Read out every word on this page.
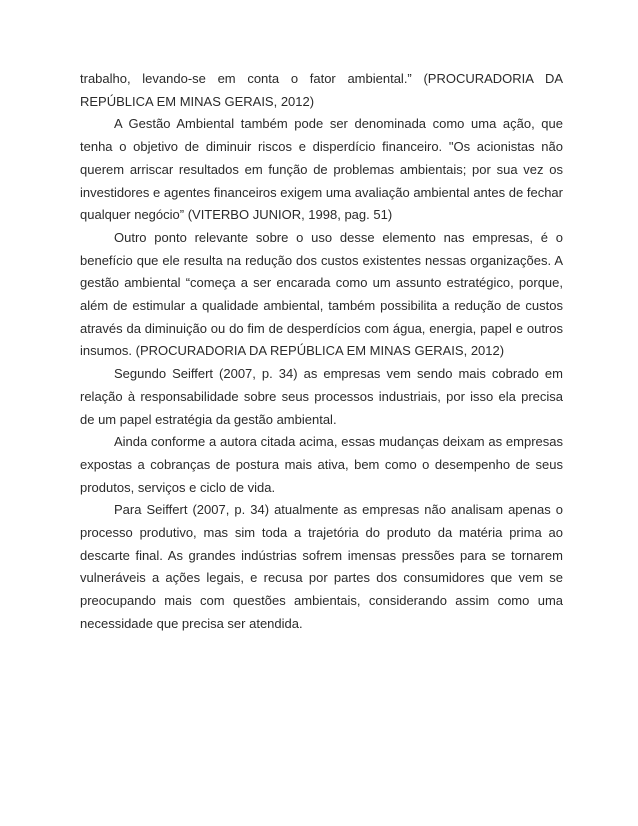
trabalho, levando-se em conta o fator ambiental.” (PROCURADORIA DA REPÚBLICA EM MINAS GERAIS, 2012)

A Gestão Ambiental também pode ser denominada como uma ação, que tenha o objetivo de diminuir riscos e disperdício financeiro. "Os acionistas não querem arriscar resultados em função de problemas ambientais; por sua vez os investidores e agentes financeiros exigem uma avaliação ambiental antes de fechar qualquer negócio” (VITERBO JUNIOR, 1998, pag. 51)

Outro ponto relevante sobre o uso desse elemento nas empresas, é o benefício que ele resulta na redução dos custos existentes nessas organizações. A gestão ambiental “começa a ser encarada como um assunto estratégico, porque, além de estimular a qualidade ambiental, também possibilita a redução de custos através da diminuição ou do fim de desperdícios com água, energia, papel e outros insumos. (PROCURADORIA DA REPÚBLICA EM MINAS GERAIS, 2012)

Segundo Seiffert (2007, p. 34) as empresas vem sendo mais cobrado em relação à responsabilidade sobre seus processos industriais, por isso ela precisa de um papel estratégia da gestão ambiental.

Ainda conforme a autora citada acima, essas mudanças deixam as empresas expostas a cobranças de postura mais ativa, bem como o desempenho de seus produtos, serviços e ciclo de vida.

Para Seiffert (2007, p. 34) atualmente as empresas não analisam apenas o processo produtivo, mas sim toda a trajetória do produto da matéria prima ao descarte final. As grandes indústrias sofrem imensas pressões para se tornarem vulneráveis a ações legais, e recusa por partes dos consumidores que vem se preocupando mais com questões ambientais, considerando assim como uma necessidade que precisa ser atendida.
